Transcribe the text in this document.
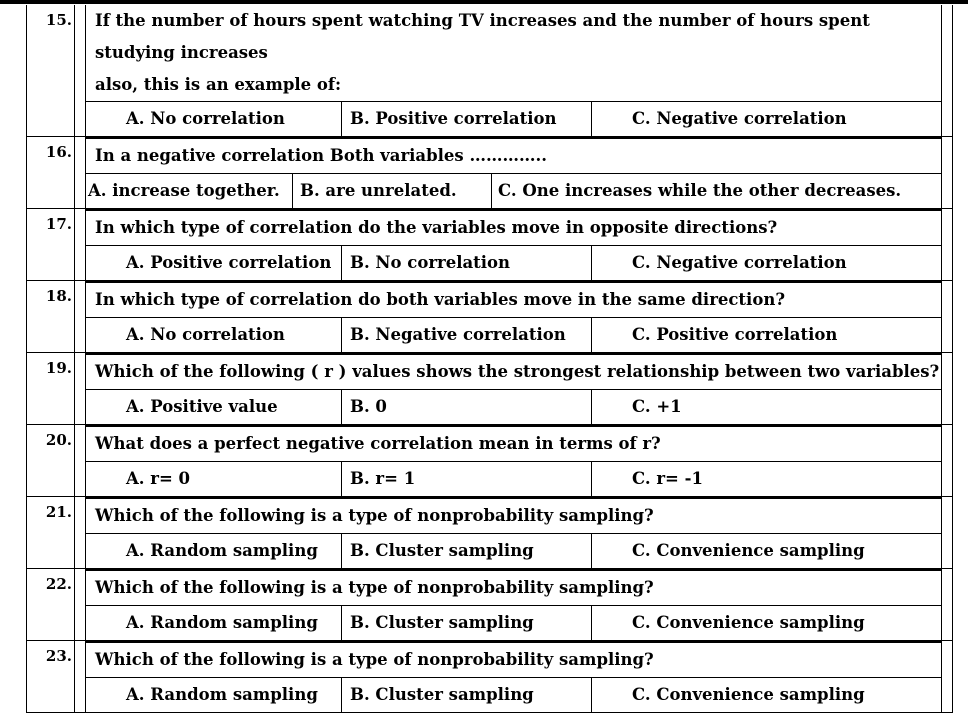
15. If the number of hours spent watching TV increases and the number of hours spent studying increases
also, this is an example of:
A. No correlation	B. Positive correlation	C. Negative correlation
16.	In a negative correlation Both variables …………..
A. increase together.	B. are unrelated.	C. One increases while the other decreases.
17.	In which type of correlation do the variables move in opposite directions?
A. Positive correlation	B. No correlation	C. Negative correlation
18.	In which type of correlation do both variables move in the same direction?
A. No correlation	B. Negative correlation	C. Positive correlation
19.	Which of the following ( r ) values shows the strongest relationship between two variables?
A. Positive value	B. 0	C. +1
20.	What does a perfect negative correlation mean in terms of r?
A. r= 0	B. r= 1	C. r= -1
21.	Which of the following is a type of nonprobability sampling?
A. Random sampling	B. Cluster sampling	C. Convenience sampling
22.	Which of the following is a type of nonprobability sampling?
A. Random sampling	B. Cluster sampling	C. Convenience sampling
23.	Which of the following is a type of nonprobability sampling?
A. Random sampling	B. Cluster sampling	C. Convenience sampling
